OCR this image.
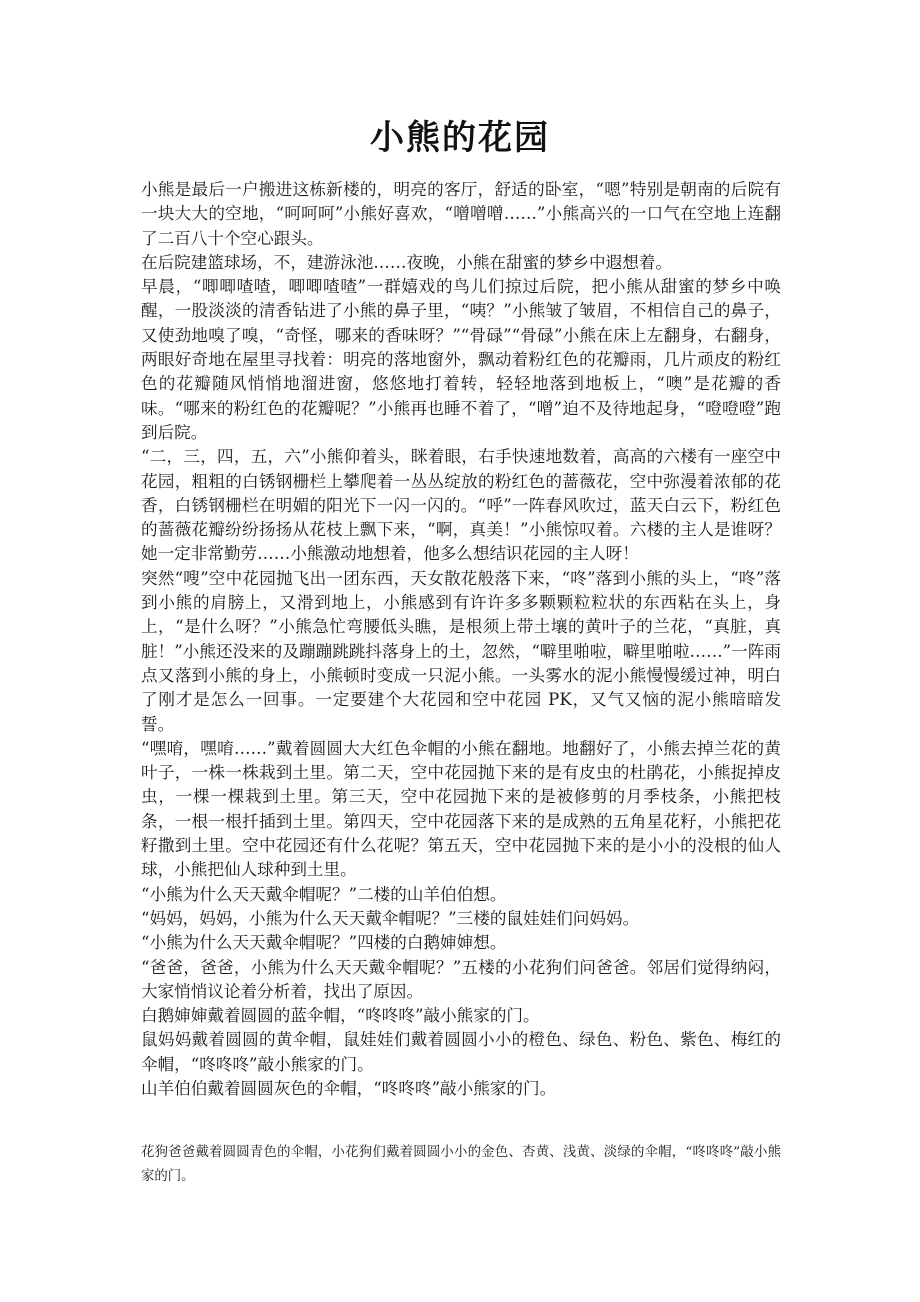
小熊的花园

小熊是最后一户搬进这栋新楼的，明亮的客厅，舒适的卧室，“嗯”特别是朝南的后院有一块大大的空地，“呵呵呵”小熊好喜欢，“噌噌噌……”小熊高兴的一口气在空地上连翻了二百八十个空心跟头。

在后院建篮球场，不，建游泳池……夜晚，小熊在甜蜜的梦乡中遐想着。

早晨，“唧唧喳喳，唧唧喳喳”一群嬉戏的鸟儿们掠过后院，把小熊从甜蜜的梦乡中唤醒，一股淡淡的清香钻进了小熊的鼻子里，“咦？”小熊皱了皱眉，不相信自己的鼻子，又使劲地嗅了嗅，“奇怪，哪来的香味呀？”“骨碌”“骨碌”小熊在床上左翻身，右翻身，两眼好奇地在屋里寻找着：明亮的落地窗外，飘动着粉红色的花瓣雨，几片顽皮的粉红色的花瓣随风悄悄地溜进窗，悠悠地打着转，轻轻地落到地板上，“噢”是花瓣的香味。“哪来的粉红色的花瓣呢？”小熊再也睡不着了，“噌”迫不及待地起身，“噔噔噔”跑到后院。

“二，三，四，五，六”小熊仰着头，眯着眼，右手快速地数着，高高的六楼有一座空中花园，粗粗的白锈钢栅栏上攀爬着一丛丛绽放的粉红色的蔷薇花，空中弥漫着浓郁的花香，白锈钢栅栏在明媚的阳光下一闪一闪的。“呼”一阵春风吹过，蓝天白云下，粉红色的蔷薇花瓣纷纷扬扬从花枝上飘下来，“啊，真美！”小熊惊叹着。六楼的主人是谁呀？她一定非常勤劳……小熊激动地想着，他多么想结识花园的主人呀！

突然“嗖”空中花园抛飞出一团东西，天女散花般落下来，“咚”落到小熊的头上，“咚”落到小熊的肩膀上，又滑到地上，小熊感到有许许多多颗颗粒粒状的东西粘在头上，身上，“是什么呀？”小熊急忙弯腰低头瞧，是根须上带土壤的黄叶子的兰花，“真脏，真脏！”小熊还没来的及蹦蹦跳跳抖落身上的土，忽然，“噼里啪啦，噼里啪啦……”一阵雨点又落到小熊的身上，小熊顿时变成一只泥小熊。一头雾水的泥小熊慢慢缓过神，明白了刚才是怎么一回事。一定要建个大花园和空中花园 PK，又气又恼的泥小熊暗暗发誓。

“嘿唷，嘿唷……”戴着圆圆大大红色伞帽的小熊在翻地。地翻好了，小熊去掉兰花的黄叶子，一株一株栽到土里。第二天，空中花园抛下来的是有皮虫的杜鹃花，小熊捉掉皮虫，一棵一棵栽到土里。第三天，空中花园抛下来的是被修剪的月季枝条，小熊把枝条，一根一根扦插到土里。第四天，空中花园落下来的是成熟的五角星花籽，小熊把花籽撒到土里。空中花园还有什么花呢？第五天，空中花园抛下来的是小小的没根的仙人球，小熊把仙人球种到土里。

“小熊为什么天天戴伞帽呢？”二楼的山羊伯伯想。

“妈妈，妈妈，小熊为什么天天戴伞帽呢？”三楼的鼠娃娃们问妈妈。

“小熊为什么天天戴伞帽呢？”四楼的白鹅婶婶想。

“爸爸，爸爸，小熊为什么天天戴伞帽呢？”五楼的小花狗们问爸爸。邻居们觉得纳闷，大家悄悄议论着分析着，找出了原因。

白鹅婶婶戴着圆圆的蓝伞帽，“咚咚咚”敲小熊家的门。

鼠妈妈戴着圆圆的黄伞帽，鼠娃娃们戴着圆圆小小的橙色、绿色、粉色、紫色、梅红的伞帽，“咚咚咚”敲小熊家的门。

山羊伯伯戴着圆圆灰色的伞帽，“咚咚咚”敲小熊家的门。

花狗爸爸戴着圆圆青色的伞帽，小花狗们戴着圆圆小小的金色、杏黄、浅黄、淡绿的伞帽，“咚咚咚”敲小熊家的门。
